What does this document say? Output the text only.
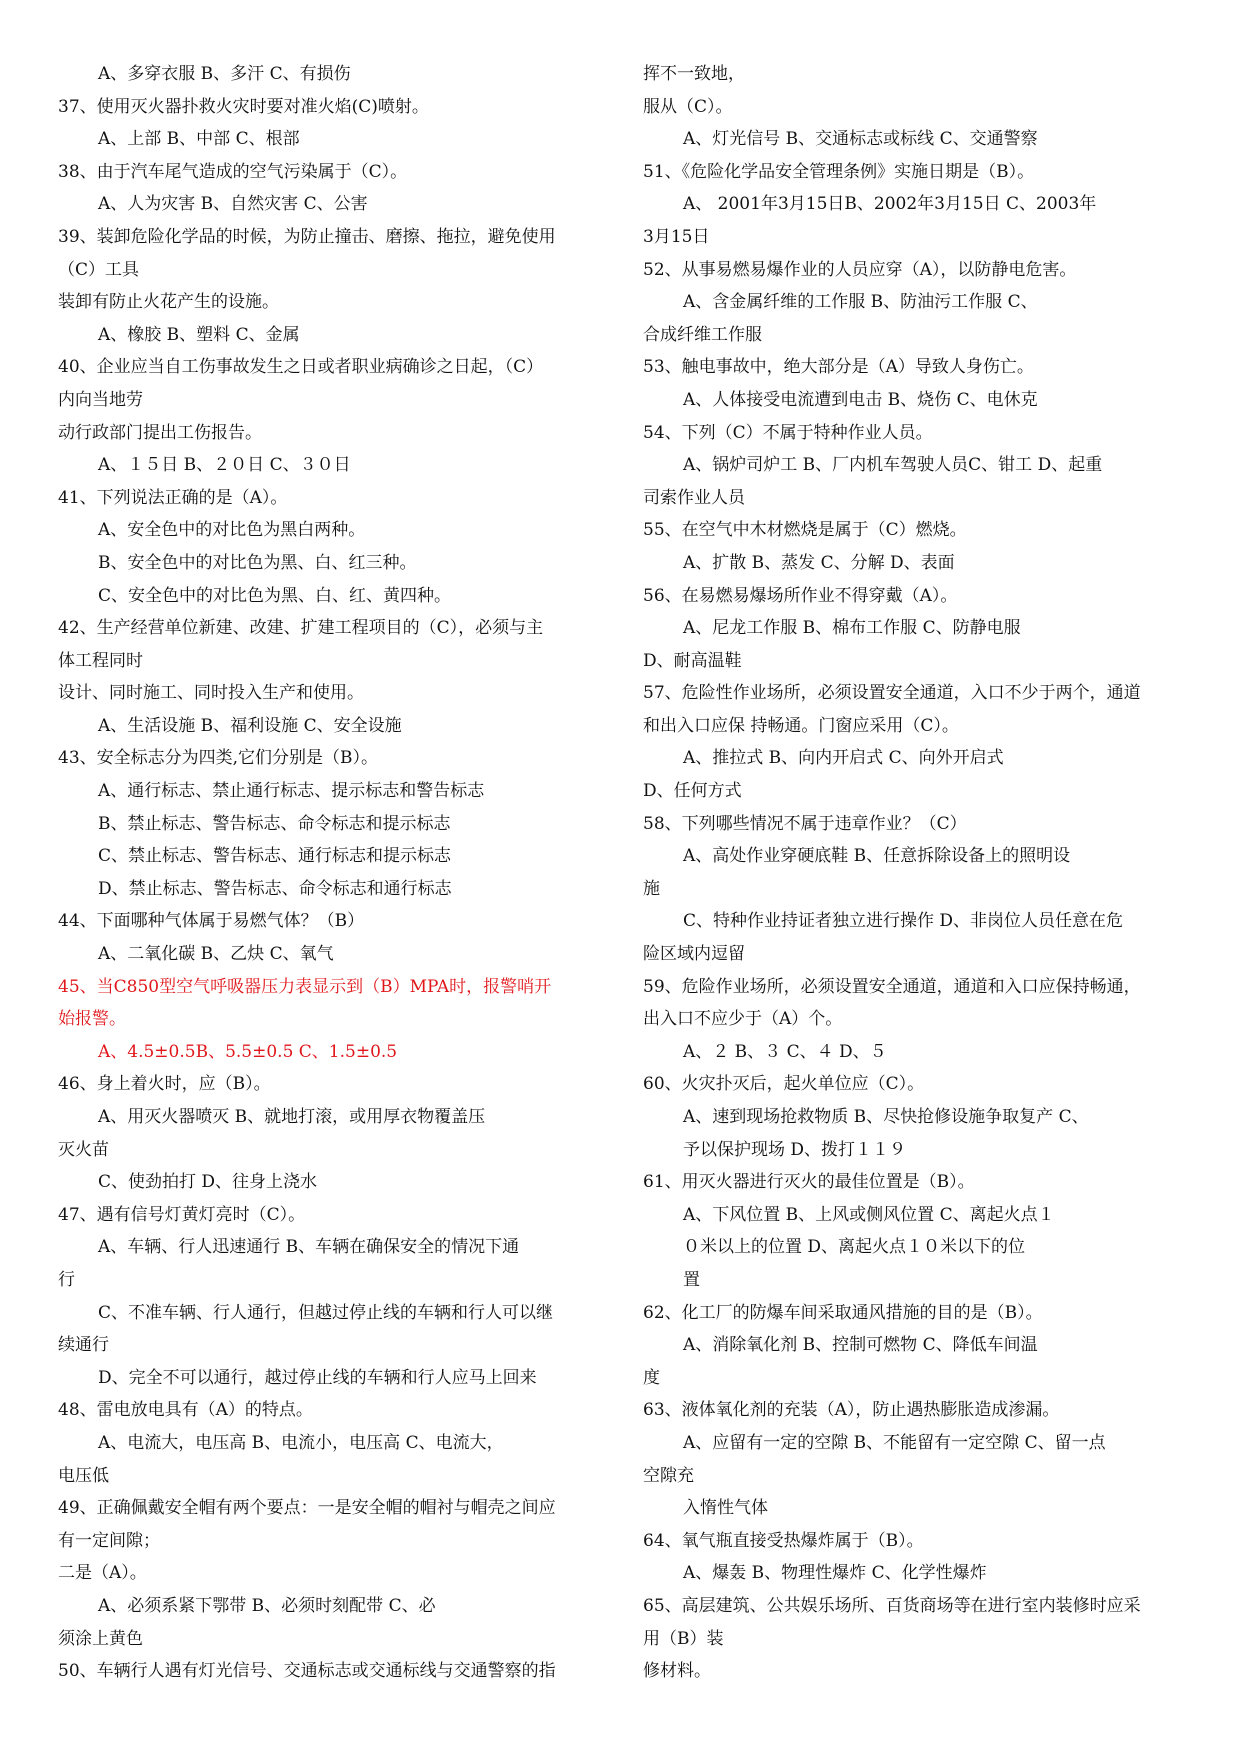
A、多穿衣服 B、多汗 C、有损伤
37、使用灭火器扑救火灾时要对准火焰(C)喷射。
A、上部 B、中部 C、根部
38、由于汽车尾气造成的空气污染属于（C）。
A、人为灾害 B、自然灾害 C、公害
39、装卸危险化学品的时候，为防止撞击、磨擦、拖拉，避免使用
（C）工具
装卸有防止火花产生的设施。
A、橡胶 B、塑料 C、金属
40、企业应当自工伤事故发生之日或者职业病确诊之日起，（C）
内向当地劳
动行政部门提出工伤报告。
A、１５日 B、２０日 C、３０日
41、下列说法正确的是（A）。
A、安全色中的对比色为黑白两种。
B、安全色中的对比色为黑、白、红三种。
C、安全色中的对比色为黑、白、红、黄四种。
42、生产经营单位新建、改建、扩建工程项目的（C），必须与主
体工程同时
设计、同时施工、同时投入生产和使用。
A、生活设施 B、福利设施 C、安全设施
43、安全标志分为四类,它们分别是（B）。
A、通行标志、禁止通行标志、提示标志和警告标志
B、禁止标志、警告标志、命令标志和提示标志
C、禁止标志、警告标志、通行标志和提示标志
D、禁止标志、警告标志、命令标志和通行标志
44、下面哪种气体属于易燃气体？（B）
A、二氧化碳 B、乙炔 C、氧气
45、当C850型空气呼吸器压力表显示到（B）MPA时，报警哨开
始报警。
A、4.5±0.5B、5.5±0.5 C、1.5±0.5
46、身上着火时，应（B）。
A、用灭火器喷灭 B、就地打滚，或用厚衣物覆盖压
灭火苗
C、使劲拍打 D、往身上浇水
47、遇有信号灯黄灯亮时（C）。
A、车辆、行人迅速通行 B、车辆在确保安全的情况下通
行
C、不准车辆、行人通行，但越过停止线的车辆和行人可以继
续通行
D、完全不可以通行，越过停止线的车辆和行人应马上回来
48、雷电放电具有（A）的特点。
A、电流大，电压高 B、电流小，电压高 C、电流大，
电压低
49、正确佩戴安全帽有两个要点：一是安全帽的帽衬与帽壳之间应
有一定间隙；
二是（A）。
A、必须系紧下鄂带 B、必须时刻配带 C、必
须涂上黄色
50、车辆行人遇有灯光信号、交通标志或交通标线与交通警察的指
挥不一致地，
服从（C）。
A、灯光信号 B、交通标志或标线 C、交通警察
51、《危险化学品安全管理条例》实施日期是（B）。
A、 2001年3月15日B、2002年3月15日 C、2003年
3月15日
52、从事易燃易爆作业的人员应穿（A），以防静电危害。
A、含金属纤维的工作服 B、防油污工作服 C、
合成纤维工作服
53、触电事故中，绝大部分是（A）导致人身伤亡。
A、人体接受电流遭到电击 B、烧伤 C、电休克
54、下列（C）不属于特种作业人员。
A、锅炉司炉工 B、厂内机车驾驶人员C、钳工 D、起重
司索作业人员
55、在空气中木材燃烧是属于（C）燃烧。
A、扩散 B、蒸发 C、分解 D、表面
56、在易燃易爆场所作业不得穿戴（A）。
A、尼龙工作服 B、棉布工作服 C、防静电服
D、耐高温鞋
57、危险性作业场所，必须设置安全通道，入口不少于两个，通道
和出入口应保 持畅通。门窗应采用（C）。
A、推拉式 B、向内开启式 C、向外开启式
D、任何方式
58、下列哪些情况不属于违章作业？（C）
A、高处作业穿硬底鞋 B、任意拆除设备上的照明设
施
C、特种作业持证者独立进行操作 D、非岗位人员任意在危
险区域内逗留
59、危险作业场所，必须设置安全通道，通道和入口应保持畅通，
出入口不应少于（A）个。
A、２ B、３ C、４ D、５
60、火灾扑灭后，起火单位应（C）。
A、速到现场抢救物质 B、尽快抢修设施争取复产 C、
予以保护现场 D、拨打１１９
61、用灭火器进行灭火的最佳位置是（B）。
A、下风位置 B、上风或侧风位置 C、离起火点１
０米以上的位置 D、离起火点１０米以下的位
置
62、化工厂的防爆车间采取通风措施的目的是（B）。
A、消除氧化剂 B、控制可燃物 C、降低车间温
度
63、液体氧化剂的充装（A），防止遇热膨胀造成渗漏。
A、应留有一定的空隙 B、不能留有一定空隙 C、留一点
空隙充
入惰性气体
64、氧气瓶直接受热爆炸属于（B）。
A、爆轰 B、物理性爆炸 C、化学性爆炸
65、高层建筑、公共娱乐场所、百货商场等在进行室内装修时应采
用（B）装
修材料。
